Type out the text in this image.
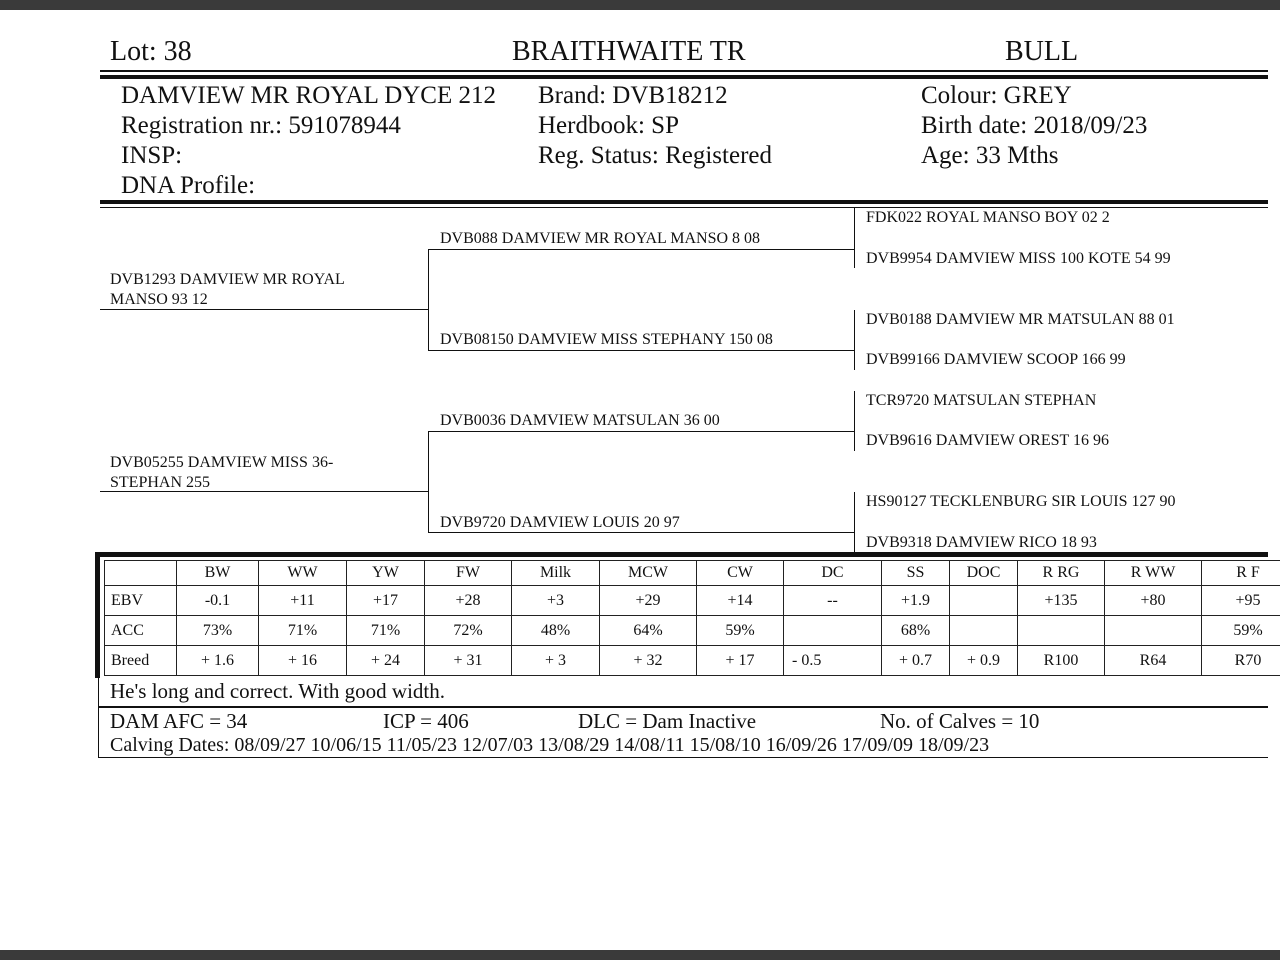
Lot: 38	BRAITHWAITE TR	BULL
DAMVIEW MR ROYAL DYCE 212 Brand: DVB18212	Colour: GREY
Registration nr.: 591078944	Herdbook: SP	Birth date: 2018/09/23
INSP:	Reg. Status: Registered	Age: 33 Mths
DNA Profile:
DVB1293 DAMVIEW MR ROYAL
MANSO 93 12
DVB05255 DAMVIEW MISS 36-
STEPHAN 255
DVB088 DAMVIEW MR ROYAL MANSO 8 08
DVB08150 DAMVIEW MISS STEPHANY 150 08
DVB0036 DAMVIEW MATSULAN 36 00
DVB9720 DAMVIEW LOUIS 20 97
FDK022 ROYAL MANSO BOY 02 2
DVB9954 DAMVIEW MISS 100 KOTE 54 99
DVB0188 DAMVIEW MR MATSULAN 88 01
DVB99166 DAMVIEW SCOOP 166 99
TCR9720 MATSULAN STEPHAN
DVB9616 DAMVIEW OREST 16 96
HS90127 TECKLENBURG SIR LOUIS 127 90
DVB9318 DAMVIEW RICO 18 93
	BW	WW	YW	FW	Milk	MCW	CW	DC	SS	DOC	R RG	R WW	R F
EBV	-0.1	+11	+17	+28	+3	+29	+14	--	+1.9		+135	+80	+95
ACC	73%	71%	71%	72%	48%	64%	59%		68%				59%
Breed	+ 1.6	+ 16	+ 24	+ 31	+ 3	+ 32	+ 17	- 0.5	+ 0.7	+ 0.9	R100	R64	R70
He's long and correct. With good width.
DAM AFC = 34	ICP = 406	DLC = Dam Inactive	No. of Calves = 10
Calving Dates: 08/09/27 10/06/15 11/05/23 12/07/03 13/08/29 14/08/11 15/08/10 16/09/26 17/09/09 18/09/23
